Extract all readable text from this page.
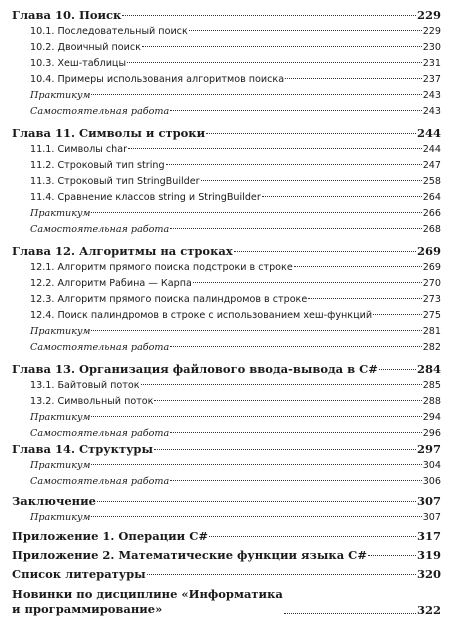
Глава 10. Поиск	229
10.1. Последовательный поиск	229
10.2. Двоичный поиск	230
10.3. Хеш-таблицы	231
10.4. Примеры использования алгоритмов поиска	237
Практикум	243
Самостоятельная работа	243
Глава 11. Символы и строки	244
11.1. Символы char	244
11.2. Строковый тип string	247
11.3. Строковый тип StringBuilder	258
11.4. Сравнение классов string и StringBuilder	264
Практикум	266
Самостоятельная работа	268
Глава 12. Алгоритмы на строках	269
12.1. Алгоритм прямого поиска подстроки в строке	269
12.2. Алгоритм Рабина — Карпа	270
12.3. Алгоритм прямого поиска палиндромов в строке	273
12.4. Поиск палиндромов в строке с использованием хеш-функций	275
Практикум	281
Самостоятельная работа	282
Глава 13. Организация файлового ввода-вывода в C#	284
13.1. Байтовый поток	285
13.2. Символьный поток	288
Практикум	294
Самостоятельная работа	296
Глава 14. Структуры	297
Практикум	304
Самостоятельная работа	306
Заключение	307
Практикум	307
Приложение 1. Операции C#	317
Приложение 2. Математические функции языка C#	319
Список литературы	320
Новинки по дисциплине «Информатика
и программирование»	322
